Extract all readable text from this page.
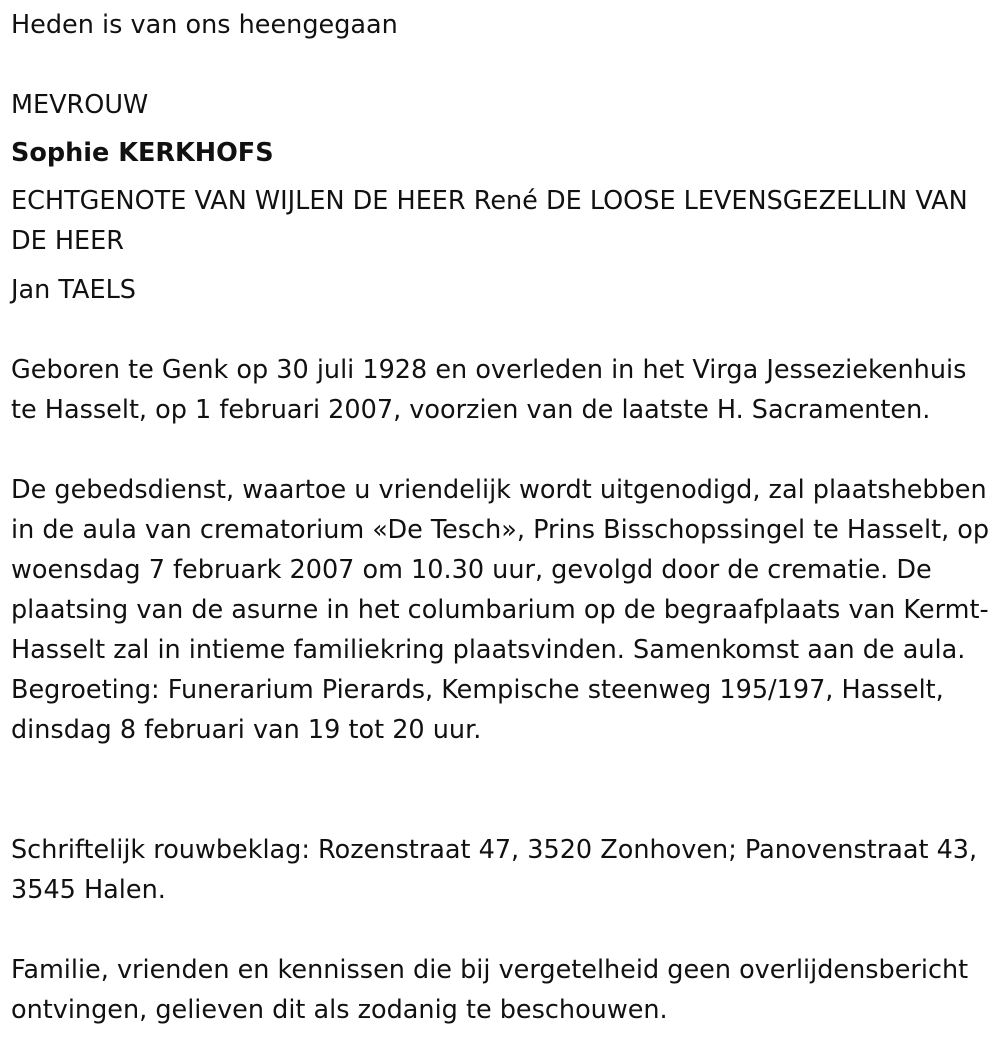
Heden is van ons heengegaan
MEVROUW
Sophie KERKHOFS
ECHTGENOTE VAN WIJLEN DE HEER René DE LOOSE LEVENSGEZELLIN VAN DE HEER
Jan TAELS
Geboren te Genk op 30 juli 1928 en overleden in het Virga Jesseziekenhuis te Hasselt, op 1 februari 2007, voorzien van de laatste H. Sacramenten.
De gebedsdienst, waartoe u vriendelijk wordt uitgenodigd, zal plaatshebben in de aula van crematorium «De Tesch», Prins Bisschopssingel te Hasselt, op woensdag 7 februark 2007 om 10.30 uur, gevolgd door de crematie. De plaatsing van de asurne in het columbarium op de begraafplaats van Kermt-Hasselt zal in intieme familiekring plaatsvinden. Samenkomst aan de aula. Begroeting: Funerarium Pierards, Kempische steenweg 195/197, Hasselt, dinsdag 8 februari van 19 tot 20 uur.
Schriftelijk rouwbeklag: Rozenstraat 47, 3520 Zonhoven; Panovenstraat 43, 3545 Halen.
Familie, vrienden en kennissen die bij vergetelheid geen overlijdensbericht ontvingen, gelieven dit als zodanig te beschouwen.
